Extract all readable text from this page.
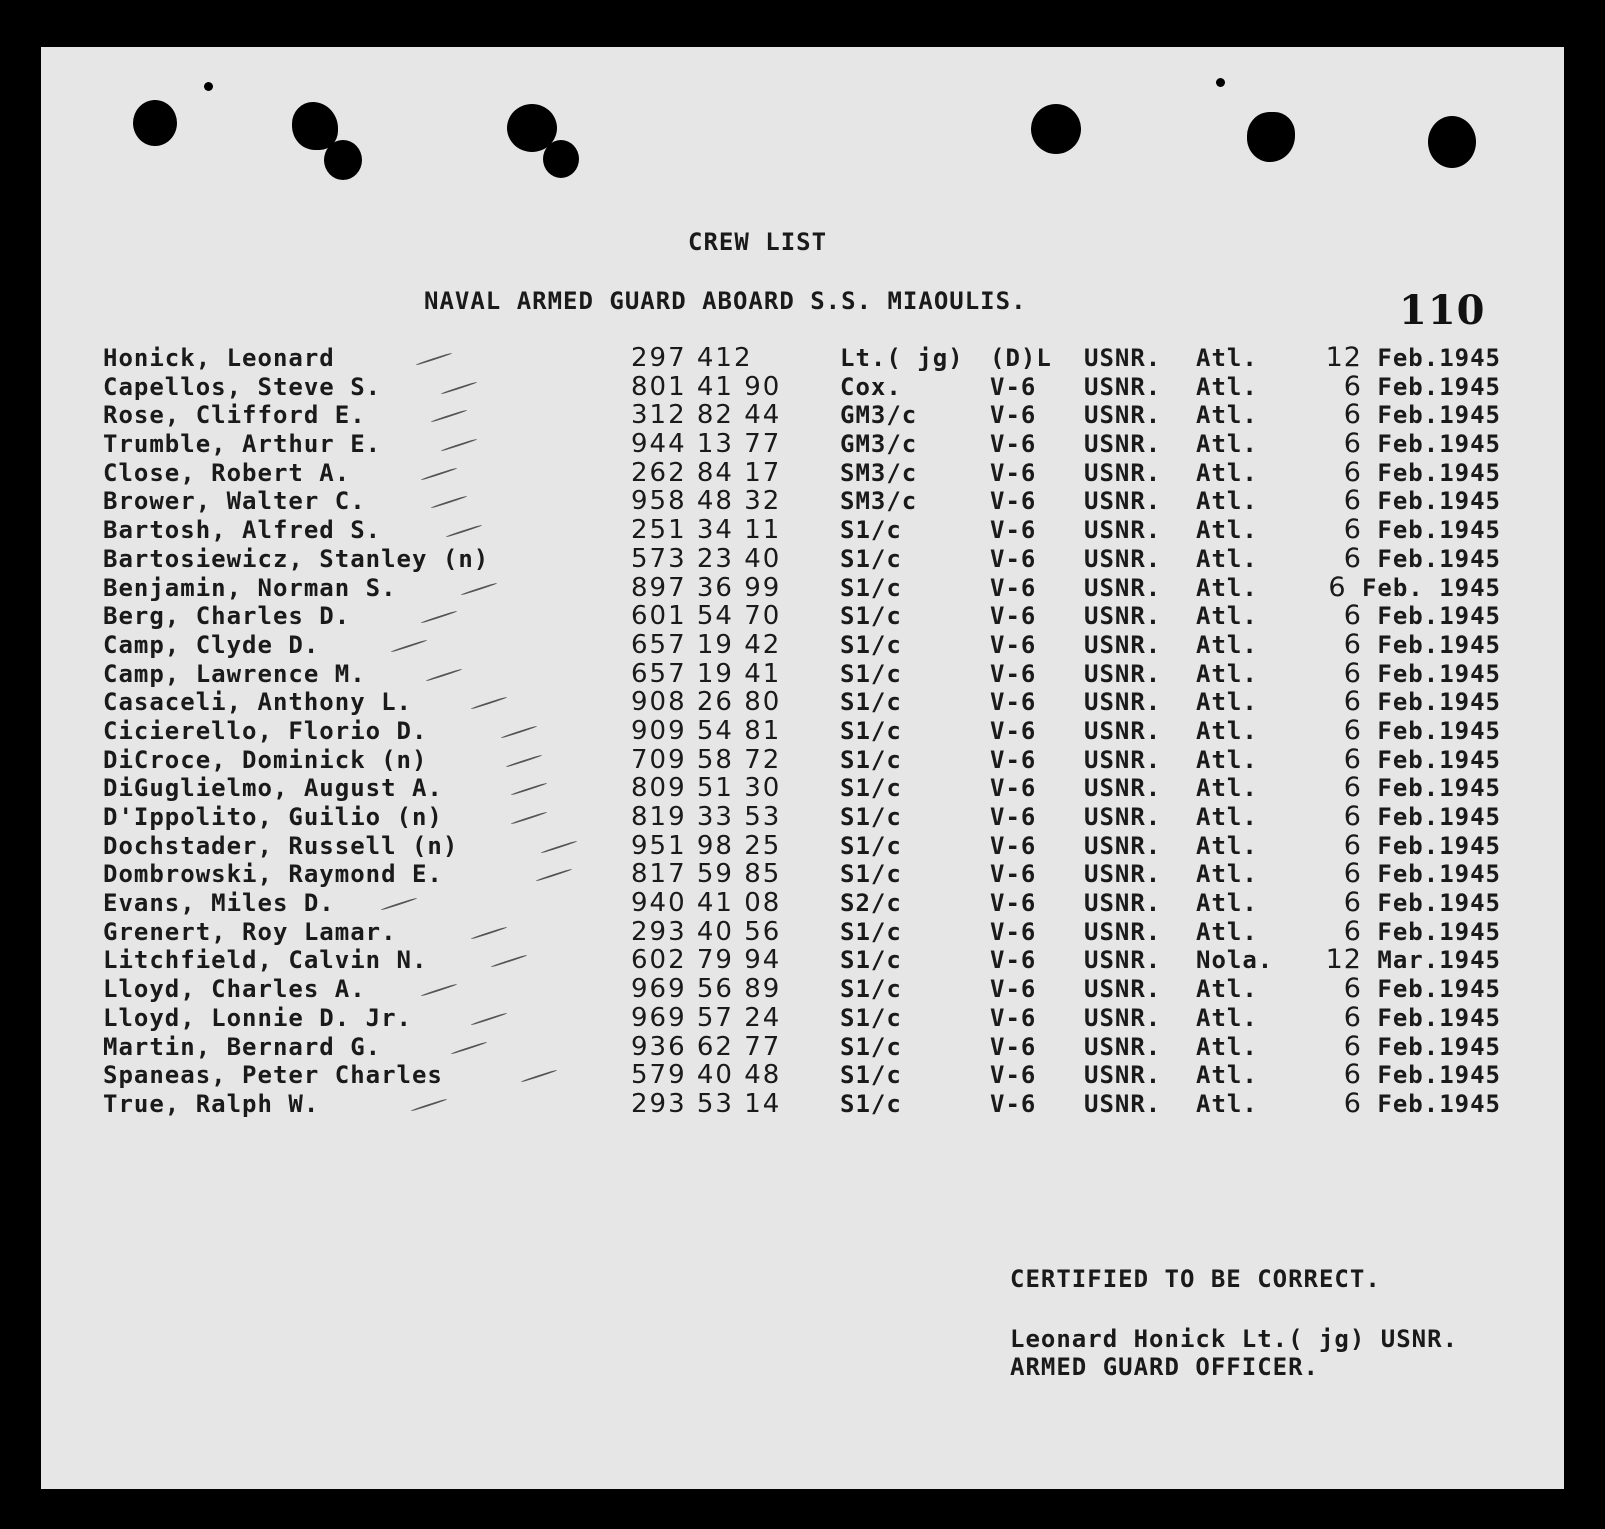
CREW LIST
NAVAL ARMED GUARD ABOARD S.S. MIAOULIS.	110
Honick, Leonard	297 412	Lt.( jg) (D)L USNR. Atl.	12 Feb.1945
Capellos, Steve S.	801 41 90 Cox.	V-6 USNR. Atl.	6 Feb.1945
Rose, Clifford E.	312 82 44 GM3/c	V-6 USNR. Atl.	6 Feb.1945
Trumble, Arthur E.	944 13 77 GM3/c	V-6 USNR. Atl.	6 Feb.1945
Close, Robert A.	262 84 17 SM3/c	V-6 USNR. Atl.	6 Feb.1945
Brower, Walter C.	958 48 32 SM3/c	V-6 USNR. Atl.	6 Feb.1945
Bartosh, Alfred S.	251 34 11 S1/c	V-6 USNR. Atl.	6 Feb.1945
Bartosiewicz, Stanley (n)	573 23 40 S1/c	V-6 USNR. Atl.	6 Feb.1945
Benjamin, Norman S.	897 36 99 S1/c	V-6 USNR. Atl.	6 Feb. 1945
Berg, Charles D.	601 54 70 S1/c	V-6 USNR. Atl.	6 Feb.1945
Camp, Clyde D.	657 19 42 S1/c	V-6 USNR. Atl.	6 Feb.1945
Camp, Lawrence M.	657 19 41 S1/c	V-6 USNR. Atl.	6 Feb.1945
Casaceli, Anthony L.	908 26 80 S1/c	V-6 USNR. Atl.	6 Feb.1945
Cicierello, Florio D.	909 54 81 S1/c	V-6 USNR. Atl.	6 Feb.1945
DiCroce, Dominick (n)	709 58 72 S1/c	V-6 USNR. Atl.	6 Feb.1945
DiGuglielmo, August A.	809 51 30 S1/c	V-6 USNR. Atl.	6 Feb.1945
D'Ippolito, Guilio (n)	819 33 53 S1/c	V-6 USNR. Atl.	6 Feb.1945
Dochstader, Russell (n)	951 98 25 S1/c	V-6 USNR. Atl.	6 Feb.1945
Dombrowski, Raymond E.	817 59 85 S1/c	V-6 USNR. Atl.	6 Feb.1945
Evans, Miles D.	940 41 08 S2/c	V-6 USNR. Atl.	6 Feb.1945
Grenert, Roy Lamar.	293 40 56 S1/c	V-6 USNR. Atl.	6 Feb.1945
Litchfield, Calvin N.	602 79 94 S1/c	V-6 USNR. Nola. 12 Mar.1945
Lloyd, Charles A.	969 56 89 S1/c	V-6 USNR. Atl.	6 Feb.1945
Lloyd, Lonnie D. Jr.	969 57 24 S1/c	V-6 USNR. Atl.	6 Feb.1945
Martin, Bernard G.	936 62 77 S1/c	V-6 USNR. Atl.	6 Feb.1945
Spaneas, Peter Charles	579 40 48 S1/c	V-6 USNR. Atl.	6 Feb.1945
True, Ralph W.	293 53 14 S1/c	V-6 USNR. Atl.	6 Feb.1945
CERTIFIED TO BE CORRECT.
Leonard Honick Lt.( jg) USNR.
ARMED GUARD OFFICER.
